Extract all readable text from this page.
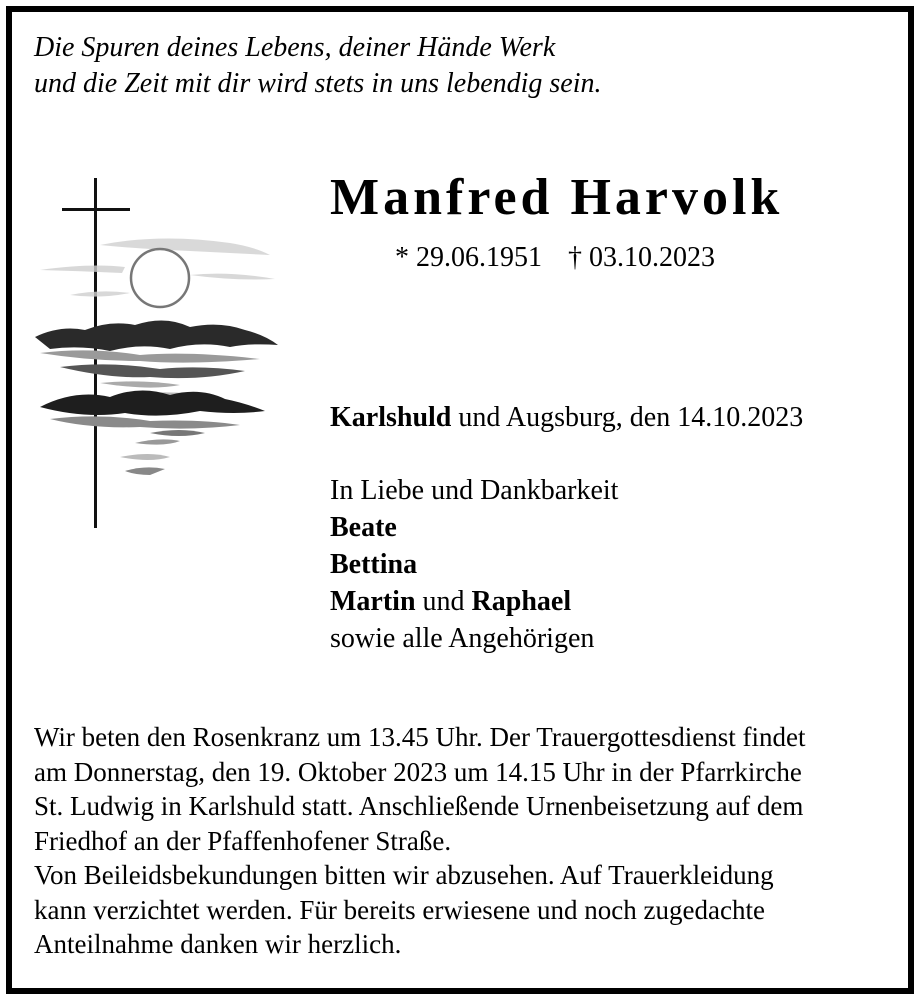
Die Spuren deines Lebens, deiner Hände Werk
und die Zeit mit dir wird stets in uns lebendig sein.
Manfred Harvolk
* 29.06.1951 † 03.10.2023
Karlshuld und Augsburg, den 14.10.2023
In Liebe und Dankbarkeit
Beate
Bettina
Martin und Raphael
sowie alle Angehörigen
Wir beten den Rosenkranz um 13.45 Uhr. Der Trauergottesdienst findet
am Donnerstag, den 19. Oktober 2023 um 14.15 Uhr in der Pfarrkirche
St. Ludwig in Karlshuld statt. Anschließende Urnenbeisetzung auf dem
Friedhof an der Pfaffenhofener Straße.
Von Beileidsbekundungen bitten wir abzusehen. Auf Trauerkleidung
kann verzichtet werden. Für bereits erwiesene und noch zugedachte
Anteilnahme danken wir herzlich.
